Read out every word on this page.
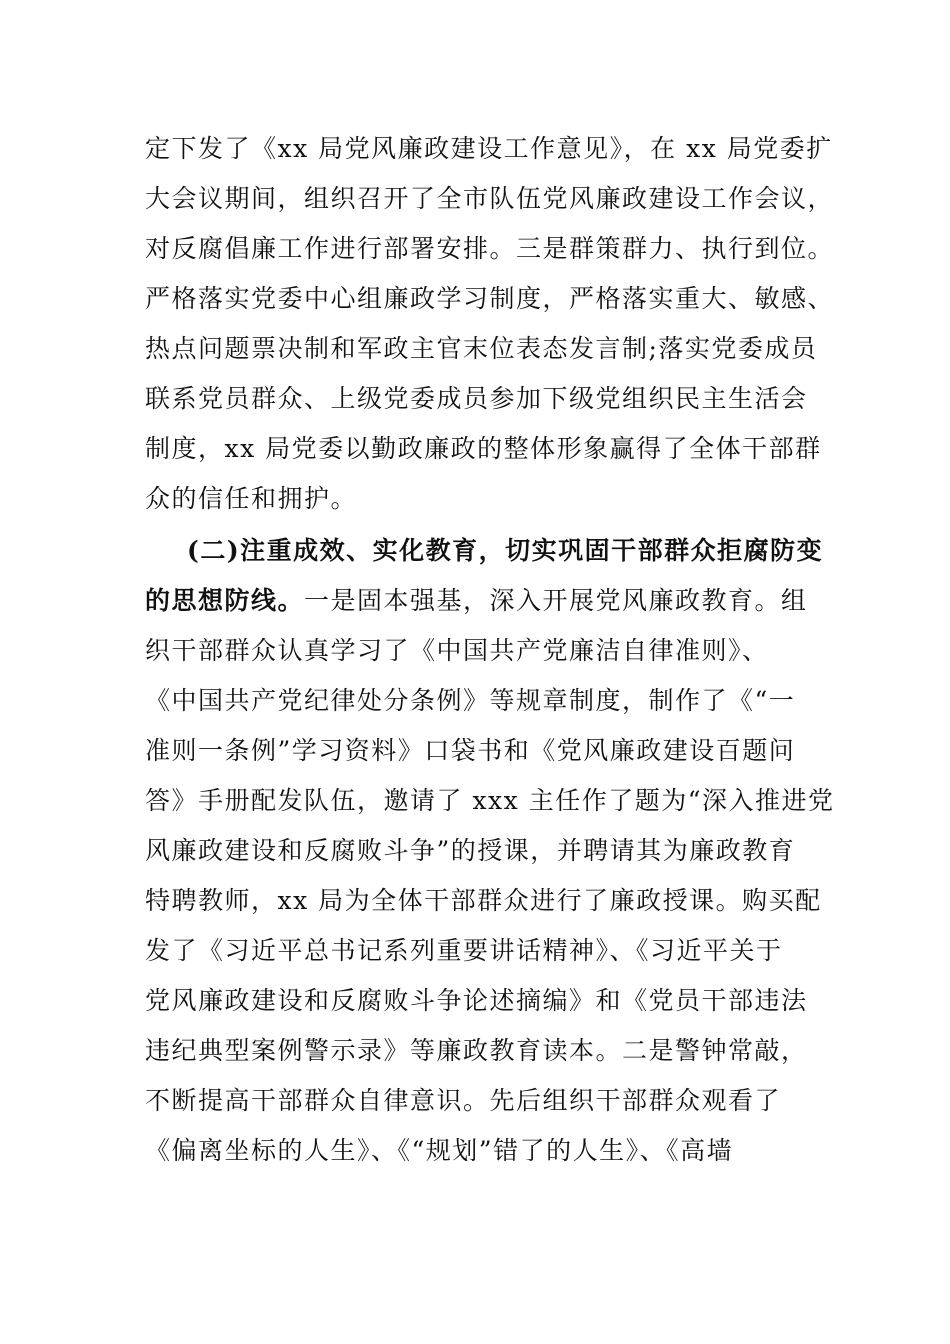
定下发了《xx 局党风廉政建设工作意见》，在 xx 局党委扩
大会议期间，组织召开了全市队伍党风廉政建设工作会议，
对反腐倡廉工作进行部署安排。三是群策群力、执行到位。
严格落实党委中心组廉政学习制度，严格落实重大、敏感、
热点问题票决制和军政主官末位表态发言制;落实党委成员
联系党员群众、上级党委成员参加下级党组织民主生活会
制度，xx 局党委以勤政廉政的整体形象赢得了全体干部群
众的信任和拥护。
(二)注重成效、实化教育，切实巩固干部群众拒腐防变
的思想防线。一是固本强基，深入开展党风廉政教育。组
织干部群众认真学习了《中国共产党廉洁自律准则》、
《中国共产党纪律处分条例》等规章制度，制作了《“一
准则一条例”学习资料》口袋书和《党风廉政建设百题问
答》手册配发队伍，邀请了 xxx 主任作了题为“深入推进党
风廉政建设和反腐败斗争”的授课，并聘请其为廉政教育
特聘教师，xx 局为全体干部群众进行了廉政授课。购买配
发了《习近平总书记系列重要讲话精神》、《习近平关于
党风廉政建设和反腐败斗争论述摘编》和《党员干部违法
违纪典型案例警示录》等廉政教育读本。二是警钟常敲，
不断提高干部群众自律意识。先后组织干部群众观看了
《偏离坐标的人生》、《“规划”错了的人生》、《高墙
